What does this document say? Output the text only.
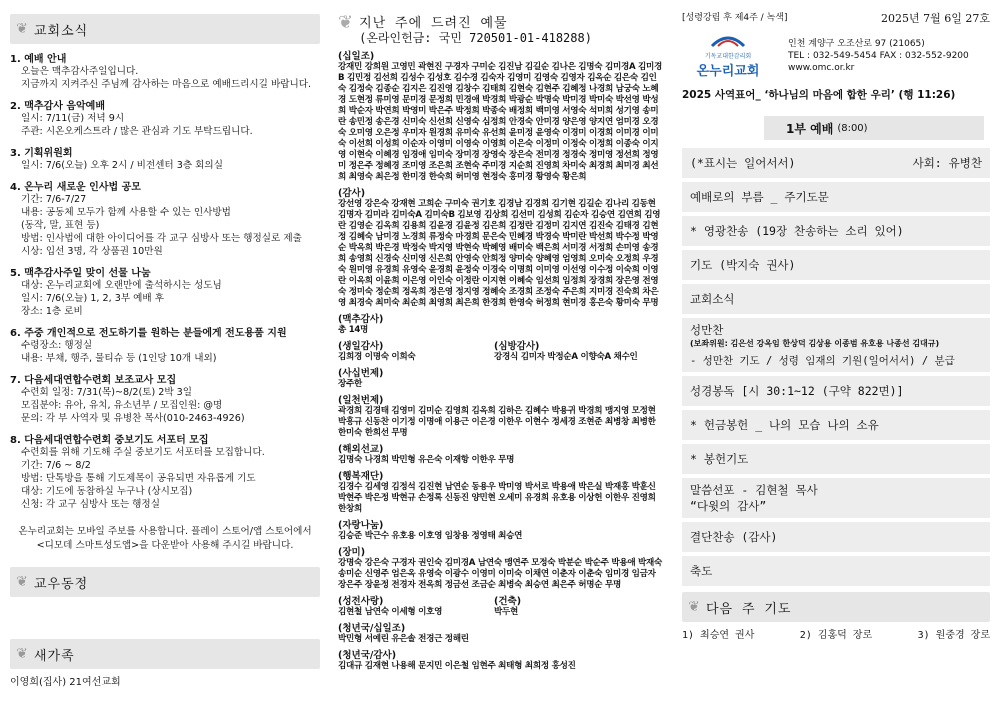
❦ 교회소식
1. 예배 안내
오늘은 맥추감사주일입니다.
지금까지 지켜주신 주님께 감사하는 마음으로 예배드리시길 바랍니다.
2. 맥추감사 음악예배
일시: 7/11(금) 저녁 9시
주관: 시온오케스트라 / 많은 관심과 기도 부탁드립니다.
3. 기획위원회
일시: 7/6(오늘) 오후 2시 / 비전센터 3층 회의실
4. 온누리 새로운 인사법 공모
기간: 7/6-7/27
내용: 공동체 모두가 함께 사용할 수 있는 인사방법
(동작, 말, 표현 등)
방법: 인사법에 대한 아이디어를 각 교구 심방사 또는 행정실로 제출
시상: 입선 3명, 각 상품권 10만원
5. 맥추감사주일 맞이 선물 나눔
대상: 온누리교회에 오랜만에 출석하시는 성도님
일시: 7/6(오늘) 1, 2, 3부 예배 후
장소: 1층 로비
6. 주중 개인적으로 전도하기를 원하는 분들에게 전도용품 지원
수령장소: 행정실
내용: 부채, 행주, 물티슈 등 (1인당 10개 내외)
7. 다음세대연합수련회 보조교사 모집
수련회 일정: 7/31(목)~8/2(토) 2박 3일
모집분야: 유아, 유치, 유소년부 / 모집인원: @명
문의: 각 부 사역자 및 유병찬 목사(010-2463-4926)
8. 다음세대연합수련회 중보기도 서포터 모집
수련회를 위해 기도해 주실 중보기도 서포터를 모집합니다.
기간: 7/6 ~ 8/2
방법: 단톡방을 통해 기도제목이 공유되면 자유롭게 기도
대상: 기도에 동참하실 누구나 (상시모집)
신청: 각 교구 심방사 또는 행정실
온누리교회는 모바일 주보를 사용합니다. 플레이 스토어/앱 스토어에서
<디모데 스마트성도앱>을 다운받아 사용해 주시길 바랍니다.
❦ 교우동정
❦ 새가족
이영희(집사) 21여선교회
❦ 지난 주에 드려진 예물
(온라인헌금: 국민 720501-01-418288)
(십일조)
강재민 강희원 고영민 곽현진 구경자 구미순 김진남 김길순 김나은 김명숙 김미경A 김미경B 김민정 김선희 김성수 김성호 김수경 김숙자 김영미 김영숙 김영자 김옥순 김은숙 김인숙 김정숙 김종순 김지은 김진영 김창수 김태희 김현숙 김현주 김혜정 나경희 남궁숙 노혜경 도현정 류미영 문미경 문정희 민경애 박경희 박광순 박명숙 박미경 박미숙 박선영 박성희 박순자 박연희 박영미 박은주 박정희 박종숙 배정희 백미영 서영숙 석미희 성기영 송미란 송민정 송은경 신미숙 신선희 신영숙 심정희 안경숙 안미경 양은영 양지연 엄미경 오경숙 오미영 오은정 우미자 원경희 유미숙 유선희 윤미정 윤영숙 이경미 이경희 이미경 이미숙 이선희 이성희 이순자 이영미 이영숙 이영희 이은숙 이정미 이정숙 이정희 이종숙 이지영 이현숙 이혜경 임경애 임미숙 장미경 장영숙 장은숙 전미경 정경숙 정미영 정선희 정영미 정은주 정혜경 조미영 조은희 조현숙 주미경 지순희 진영희 차미숙 최경희 최미경 최선희 최영숙 최은정 한미경 한숙희 허미영 현정숙 홍미경 황영숙 황은희
(감사)
강선영 강은숙 강재현 고희순 구미숙 권기호 김경남 김경희 김기현 김길순 김나리 김동현 김명자 김미라 김미숙A 김미숙B 김보영 김상희 김선미 김성희 김순자 김승연 김연희 김영란 김영순 김옥희 김용희 김윤경 김윤정 김은희 김정란 김정미 김지연 김진숙 김태경 김현정 김혜숙 남미경 노경희 류정숙 마경희 문은숙 민혜경 박경숙 박미란 박선희 박수정 박영순 박옥희 박은경 박정숙 박지영 박현숙 박혜영 배미숙 백은희 서미경 서정희 손미영 송경희 송영희 신경숙 신미영 신은희 안영숙 안희정 양미숙 양혜영 엄영희 오미숙 오정희 우경숙 원미영 유경희 유영숙 윤경희 윤정숙 이경숙 이명희 이미영 이선영 이수정 이숙희 이영란 이옥희 이윤희 이은영 이인숙 이정란 이지현 이혜숙 임선희 임정희 장경희 장은영 전영숙 정미숙 정순희 정옥희 정은영 정지영 정혜숙 조경희 조정숙 주은희 지미경 진숙희 차은영 최경숙 최미숙 최순희 최영희 최은희 한경희 한영숙 허정희 현미경 홍은숙 황미숙 무명
(맥추감사)
총 14명
(생일감사)
김희경 이명숙 이희숙
(심방감사)
강경식 김미자 박정순A 이향숙A 채수인
(사십번제)
장주한
(일천번제)
곽경희 김경태 김영미 김미순 김영희 김옥희 김하은 김혜수 박용귀 박경희 맹지영 모정현 박흥규 신동찬 이기정 이명애 이용근 이은경 이한우 이현수 정세경 조현준 최병창 최병한 한미숙 한희선 무명
(해외선교)
김명숙 나경희 박민형 유은숙 이재항 이한우 무명
(행복재단)
김경수 김세영 김정석 김진현 남연순 동용우 박미영 박서로 박용애 박은실 박재홍 박훈신 박현주 박은정 박현규 손정록 신동진 양민현 오세미 유경희 유호용 이상헌 이한우 진영희 한창희
(자랑나눔)
김승준 박근수 유호용 이호영 임창용 정영태 최승연
(장미)
강명숙 강은숙 구경자 권인숙 김미경A 남연숙 맹연주 모정숙 박분순 박순주 박용애 박재숙 송미순 신영주 엄은옥 유영숙 이광수 이영미 이미숙 이채연 이춘자 이춘숙 임미경 임금자 장은주 장윤정 전경자 전옥희 정금선 조금순 최병숙 최승연 최은주 허명순 무명
(성전사랑)
김현철 남연숙 이세형 이호영
(건축)
박두현
(청년국/십일조)
박민형 서예린 유은솔 전경근 정해린
(청년국/감사)
김대규 김재현 나용해 문지민 이은철 임현주 최태형 최희정 홍성진
[성령강림 후 제4주 / 녹색]	2025년 7월 6일 27호
기독교대한감리회
온누리교회
인천 계양구 오조산로 97 (21065)
TEL : 032-549-5454 FAX : 032-552-9200
www.omc.or.kr
2025 사역표어_ ‘하나님의 마음에 합한 우리’ (행 11:26)
1부 예배 (8:00)
(*표시는 일어서서)	사회: 유병찬
예배로의 부름 _ 주기도문
* 영광찬송 (19장 찬송하는 소리 있어)
기도 (박지숙 권사)
교회소식
성만찬
(보좌위원: 김은선 강옥임 한상덕 김상용 이종범 유호용 나종선 김대규)
- 성만찬 기도 / 성령 임재의 기원(일어서서) / 분급
성경봉독 [시 30:1~12 (구약 822면)]
* 헌금봉헌 _ 나의 모습 나의 소유
* 봉헌기도
말씀선포 - 김현철 목사
“다윗의 감사”
결단찬송 (감사)
축도
❦ 다음 주 기도
1) 최승연 권사	2) 김홍덕 장로	3) 원중경 장로
